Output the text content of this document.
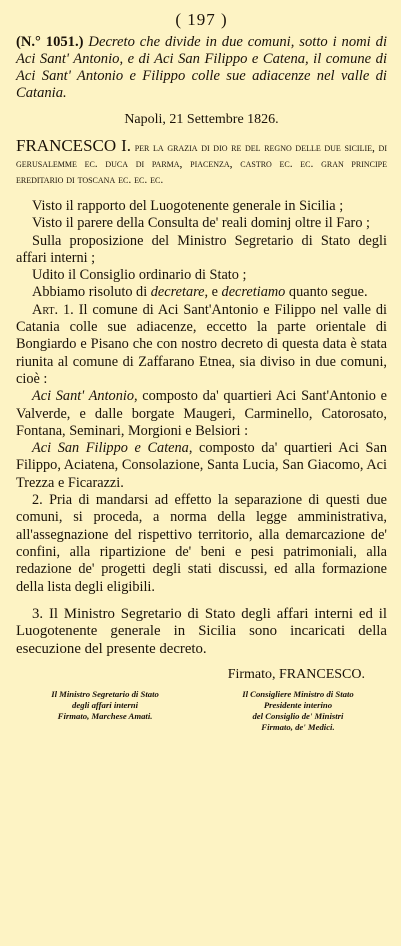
( 197 )
(N.° 1051.) Decreto che divide in due comuni, sotto i nomi di Aci Sant' Antonio, e di Aci San Filippo e Catena, il comune di Aci Sant' Antonio e Filippo colle sue adiacenze nel valle di Catania.
Napoli, 21 Settembre 1826.
FRANCESCO I. per la grazia di dio re del regno delle due sicilie, di gerusalemme ec. duca di parma, piacenza, castro ec. ec. gran principe ereditario di toscana ec. ec. ec.

Visto il rapporto del Luogotenente generale in Sicilia ;

Visto il parere della Consulta de' reali dominj oltre il Faro ;

Sulla proposizione del Ministro Segretario di Stato degli affari interni ;

Udito il Consiglio ordinario di Stato ;

Abbiamo risoluto di decretare, e decretiamo quanto segue.

Art. 1. Il comune di Aci Sant'Antonio e Filippo nel valle di Catania colle sue adiacenze, eccetto la parte orientale di Bongiardo e Pisano che con nostro decreto di questa data è stata riunita al comune di Zaffarano Etnea, sia diviso in due comuni, cioè :

Aci Sant' Antonio, composto da' quartieri Aci Sant'Antonio e Valverde, e dalle borgate Maugeri, Carminello, Catorosato, Fontana, Seminari, Morgioni e Belsiori :

Aci San Filippo e Catena, composto da' quartieri Aci San Filippo, Aciatena, Consolazione, Santa Lucia, San Giacomo, Aci Trezza e Ficarazzi.

2. Pria di mandarsi ad effetto la separazione di questi due comuni, si proceda, a norma della legge amministrativa, all'assegnazione del rispettivo territorio, alla demarcazione de' confini, alla ripartizione de' beni e pesi patrimoniali, alla redazione de' progetti degli stati discussi, ed alla formazione della lista degli eligibili.

3. Il Ministro Segretario di Stato degli affari interni ed il Luogotenente generale in Sicilia sono incaricati della esecuzione del presente decreto.

Firmato, FRANCESCO.
Il Ministro Segretario di Stato
degli affari interni
Firmato, Marchese Amati.
Il Consigliere Ministro di Stato
Presidente interino
del Consiglio de' Ministri
Firmato, de' Medici.
